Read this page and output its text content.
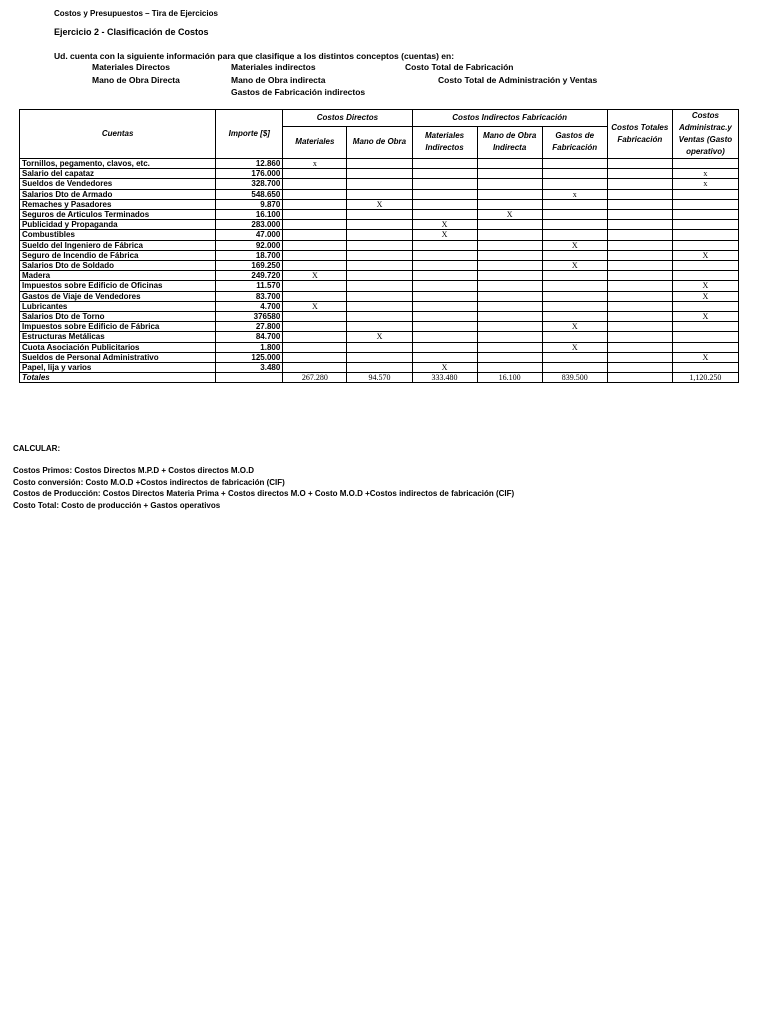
Costos y Presupuestos – Tira de Ejercicios
Ejercicio 2 - Clasificación de Costos
Ud. cuenta con la siguiente información para que clasifique a los distintos conceptos (cuentas) en:
Materiales Directos
Mano de Obra Directa
Materiales indirectos
Mano de Obra indirecta
Gastos de Fabricación indirectos
Costo Total de Fabricación
Costo Total de Administración y Ventas
Cuentas	Importe [$]	Costos Directos		Costos Indirectos Fabricación			Costos Totales Fabricación	Costos Administrac.y Ventas (Gasto operativo)
		Materiales	Mano de Obra	Materiales Indirectos	Mano de Obra Indirecta	Gastos de Fabricación		
Tornillos, pegamento, clavos, etc.	12.860	x						
Salario del capataz	176.000							x
Sueldos de Vendedores	328.700							x
Salarios Dto de Armado	548.650					x		
Remaches y Pasadores	9.870		X					
Seguros de Articulos Terminados	16.100				X			
Publicidad y Propaganda	283.000			X				
Combustibles	47.000			X				
Sueldo del Ingeniero de Fábrica	92.000					X		
Seguro de Incendio de Fábrica	18.700							X
Salarios Dto de Soldado	169.250					X		
Madera	249.720	X						
Impuestos sobre Edificio de Oficinas	11.570							X
Gastos de Viaje de Vendedores	83.700							X
Lubricantes	4.700	X						
Salarios Dto de Torno	376580							X
Impuestos sobre Edificio de Fábrica	27.800					X		
Estructuras Metálicas	84.700		X					
Cuota Asociación Publicitarios	1.800					X		
Sueldos de Personal Administrativo	125.000							X
Papel, lija y varios	3.480			X				
Totales		267.280	94.570	333.480	16.100	839.500		1,120.250
CALCULAR:
Costos Primos: Costos Directos M.P.D + Costos directos M.O.D
Costo conversión: Costo M.O.D +Costos indirectos de fabricación (CIF)
Costos de Producción: Costos Directos Materia Prima + Costos directos M.O + Costo M.O.D +Costos indirectos de fabricación (CIF)
Costo Total: Costo de producción + Gastos operativos
